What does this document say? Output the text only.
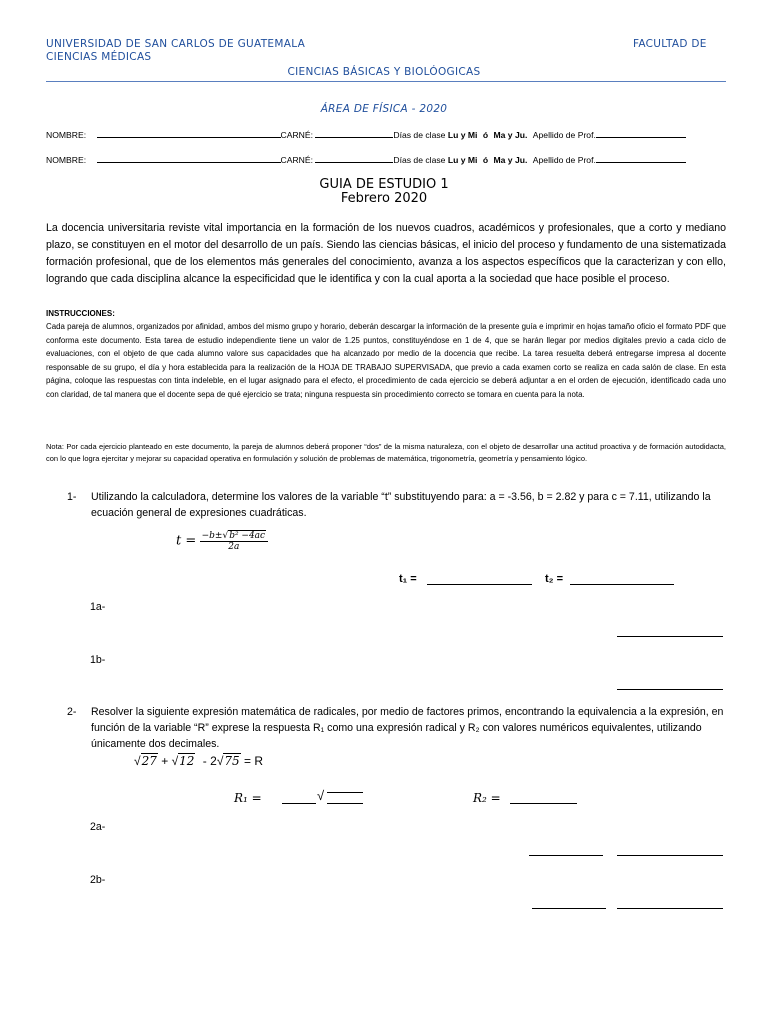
UNIVERSIDAD DE SAN CARLOS DE GUATEMALA
CIENCIAS MÉDICAS
FACULTAD DE
CIENCIAS BÁSICAS Y BIOLÓOGICAS
ÁREA DE FÍSICA - 2020
NOMBRE:	CARNÉ:	Días de clase Lu y Mi ó Ma y Ju. Apellido de Prof.
NOMBRE:	CARNÉ:	Días de clase Lu y Mi ó Ma y Ju. Apellido de Prof.
GUIA DE ESTUDIO 1
Febrero 2020
La docencia universitaria reviste vital importancia en la formación de los nuevos cuadros, académicos y profesionales, que a corto y mediano plazo, se constituyen en el motor del desarrollo de un país. Siendo las ciencias básicas, el inicio del proceso y fundamento de una sistematizada formación profesional, que de los elementos más generales del conocimiento, avanza a los aspectos específicos que la caracterizan y con ello, logrando que cada disciplina alcance la especificidad que le identifica y con la cual aporta a la sociedad que hace posible el proceso.
INSTRUCCIONES:
Cada pareja de alumnos, organizados por afinidad, ambos del mismo grupo y horario, deberán descargar la información de la presente guía e imprimir en hojas tamaño oficio el formato PDF que conforma este documento. Esta tarea de estudio independiente tiene un valor de 1.25 puntos, constituyéndose en 1 de 4, que se harán llegar por medios digitales previo a cada ciclo de evaluaciones, con el objeto de que cada alumno valore sus capacidades que ha alcanzado por medio de la docencia que recibe. La tarea resuelta deberá entregarse impresa al docente responsable de su grupo, el día y hora establecida para la realización de la HOJA DE TRABAJO SUPERVISADA, que previo a cada examen corto se realiza en cada salón de clase. En esta página, coloque las respuestas con tinta indeleble, en el lugar asignado para el efecto, el procedimiento de cada ejercicio se deberá adjuntar a en el orden de ejecución, identificado cada uno con claridad, de tal manera que el docente sepa de qué ejercicio se trata; ninguna respuesta sin procedimiento correcto se tomara en cuenta para la nota.
Nota: Por cada ejercicio planteado en este documento, la pareja de alumnos deberá proponer “dos” de la misma naturaleza, con el objeto de desarrollar una actitud proactiva y de formación autodidacta, con lo que logra ejercitar y mejorar su capacidad operativa en formulación y solución de problemas de matemática, trigonometría, geometría y pensamiento lógico.
1- Utilizando la calculadora, determine los valores de la variable “t” substituyendo para: a = -3.56, b = 2.82 y para c = 7.11, utilizando la ecuación general de expresiones cuadráticas.
$t = \frac{\text{−b±√b² −4ac}}{2a}$
t₁ =	t₂ =
1a-
1b-
2- Resolver la siguiente expresión matemática de radicales, por medio de factores primos, encontrando la equivalencia a la expresión, en función de la variable “R” exprese la respuesta R₁ como una expresión radical y R₂ con valores numéricos equivalentes, utilizando únicamente dos decimales.
√27 + √12 - 2√75 = R
R₁ =	√	R₂ =
2a-
2b-
